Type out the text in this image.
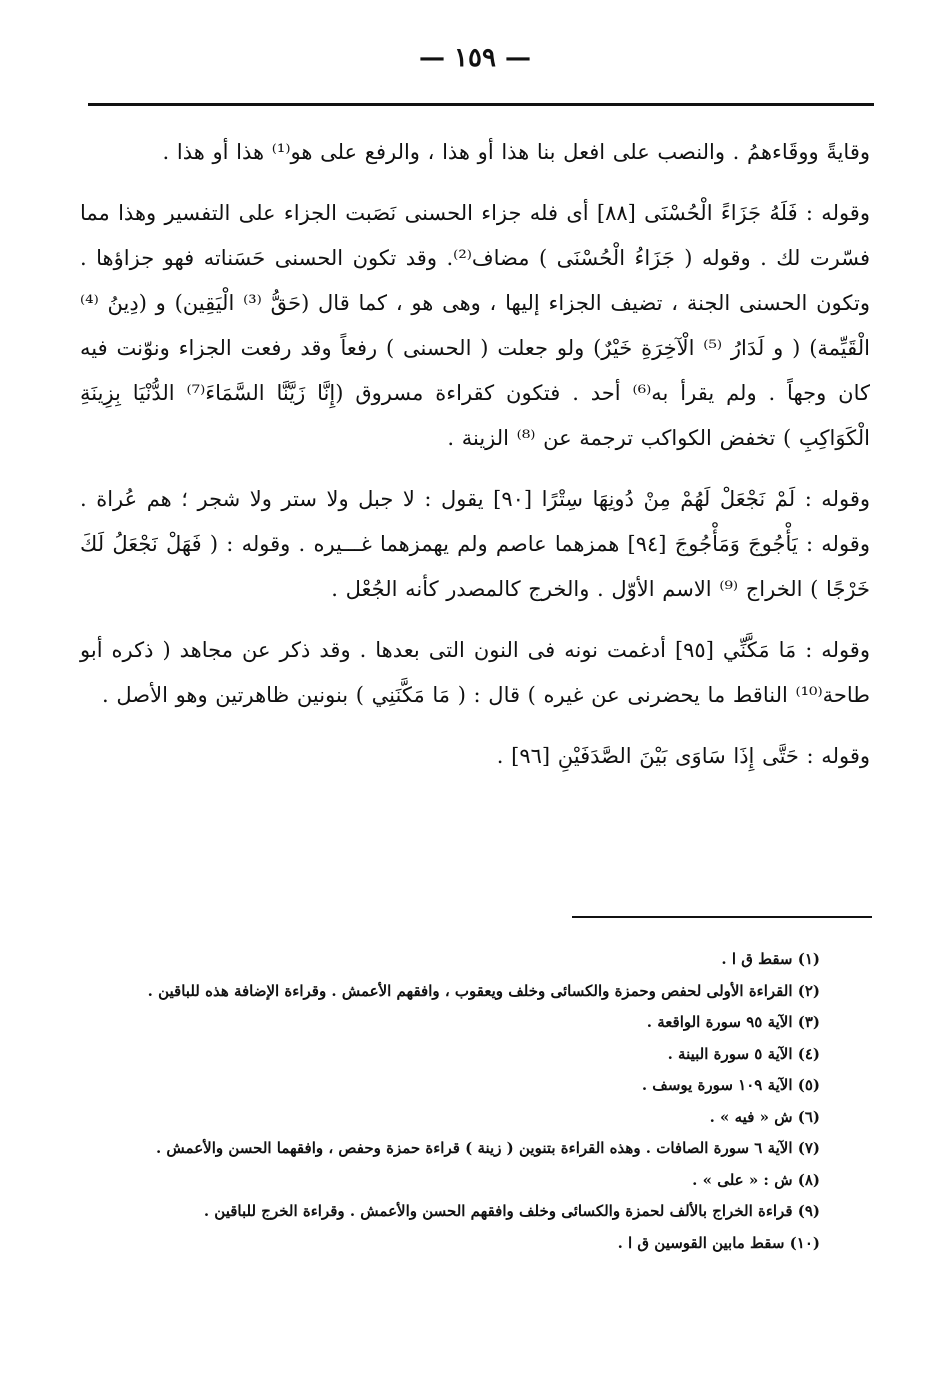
— ١٥٩ —

وقايةً ووقَاءهمُ . والنصب على افعل بنا هذا أو هذا ، والرفع على هو⁽¹⁾ هذا أو هذا .

وقوله : فَلَهُ جَزَاءً الْحُسْنَى [٨٨] أى فله جزاء الحسنى نَصَبت الجزاء على التفسير وهذا مما فسّرت لك . وقوله ( جَزَاءُ الْحُسْنَى ) مضاف⁽²⁾. وقد تكون الحسنى حَسَناته فهو جزاؤها . وتكون الحسنى الجنة ، تضيف الجزاء إليها ، وهى هو ، كما قال (حَقُّ ⁽³⁾ الْيَقِين) و (دِينُ ⁽⁴⁾ الْقَيِّمة) ( و لَدَارُ ⁽⁵⁾ الْآخِرَةِ خَيْرٌ) ولو جعلت ( الحسنى ) رفعاً وقد رفعت الجزاء ونوّنت فيه كان وجهاً . ولم يقرأ به⁽⁶⁾ أحد . فتكون كقراءة مسروق (إِنَّا زَيَّنَّا السَّمَاءَ⁽⁷⁾ الدُّنْيَا بِزِينَةِ الْكَوَاكِبِ ) تخفض الكواكب ترجمة عن ⁽⁸⁾ الزينة .

وقوله : لَمْ نَجْعَلْ لَهُمْ مِنْ دُونِهَا سِتْرًا [٩٠] يقول : لا جبل ولا ستر ولا شجر ؛ هم عُراة . وقوله : يَأْجُوجَ وَمَأْجُوجَ [٩٤] همزهما عاصم ولم يهمزهما غـــيره . وقوله : ( فَهَلْ نَجْعَلُ لَكَ خَرْجًا ) الخراج ⁽⁹⁾ الاسم الأوّل . والخرج كالمصدر كأنه الجُعْل .

وقوله : مَا مَكَّنِّي [٩٥] أدغمت نونه فى النون التى بعدها . وقد ذكر عن مجاهد ( ذكره أبو طاحة⁽¹⁰⁾ الناقط ما يحضرنى عن غيره ) قال : ( مَا مَكَّنَنِي ) بنونين ظاهرتين وهو الأصل .

وقوله : حَتَّى إِذَا سَاوَى بَيْنَ الصَّدَفَيْنِ [٩٦] .

(١) سقط ق ا .
(٢) القراءة الأولى لحفص وحمزة والكسائى وخلف ويعقوب ، وافقهم الأعمش . وقراءة الإضافة هذه للباقين .
(٣) الآية ٩٥ سورة الواقعة .
(٤) الآية ٥ سورة البينة .
(٥) الآية ١٠٩ سورة يوسف .
(٦) ش « فيه » .
(٧) الآية ٦ سورة الصافات . وهذه القراءة بتنوين ( زينة ) قراءة حمزة وحفص ، وافقهما الحسن والأعمش .
(٨) ش : « على » .
(٩) قراءة الخراج بالألف لحمزة والكسائى وخلف وافقهم الحسن والأعمش . وقراءة الخرج للباقين .
(١٠) سقط مابين القوسين ق ا .
